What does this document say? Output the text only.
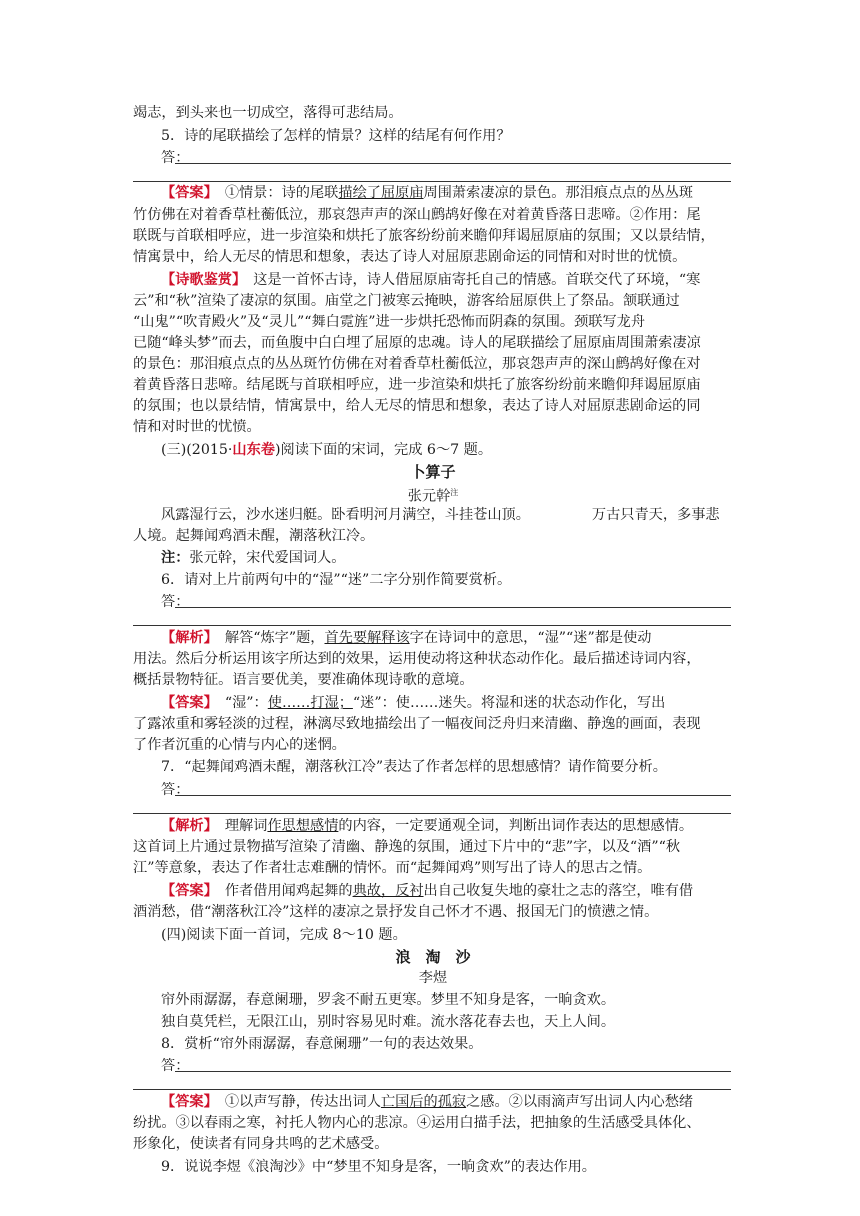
竭志，到头来也一切成空，落得可悲结局。
5．诗的尾联描绘了怎样的情景？这样的结尾有何作用？
答：
【答案】　 ①情景：诗的尾联描绘了屈原庙周围萧索凄凉的景色。那泪痕点点的丛丛斑
竹仿佛在对着香草杜蘅低泣，那哀怨声声的深山鹧鸪好像在对着黄昏落日悲啼。②作用：尾
联既与首联相呼应，进一步渲染和烘托了旅客纷纷前来瞻仰拜谒屈原庙的氛围；又以景结情，
情寓景中，给人无尽的情思和想象，表达了诗人对屈原悲剧命运的同情和对时世的忧愤。
【诗歌鉴赏】　 这是一首怀古诗，诗人借屈原庙寄托自己的情感。首联交代了环境，“寒
云”和“秋”渲染了凄凉的氛围。庙堂之门被寒云掩映，游客给屈原供上了祭品。颔联通过
“山鬼”“吹青殿火”及“灵儿”“舞白霓旌”进一步烘托恐怖而阴森的氛围。颈联写龙舟
已随“峰头梦”而去，而鱼腹中白白埋了屈原的忠魂。诗人的尾联描绘了屈原庙周围萧索凄凉
的景色：那泪痕点点的丛丛斑竹仿佛在对着香草杜蘅低泣，那哀怨声声的深山鹧鸪好像在对
着黄昏落日悲啼。结尾既与首联相呼应，进一步渲染和烘托了旅客纷纷前来瞻仰拜谒屈原庙
的氛围；也以景结情，情寓景中，给人无尽的情思和想象，表达了诗人对屈原悲剧命运的同
情和对时世的忧愤。
(三)(2015·山东卷)阅读下面的宋词，完成 6～7 题。
卜算子
张元幹$^注$
风露湿行云，沙水迷归艇。卧看明河月满空，斗挂苍山顶。	万古只青天，多事悲
人境。起舞闻鸡酒未醒，潮落秋江冷。
注：张元幹，宋代爱国词人。
6．请对上片前两句中的“湿”“迷”二字分别作简要赏析。
答：
【解析】　 解答“炼字”题，首先要解释该字在诗词中的意思，“湿”“迷”都是使动
用法。然后分析运用该字所达到的效果，运用使动将这种状态动作化。最后描述诗词内容，
概括景物特征。语言要优美，要准确体现诗歌的意境。
【答案】　 “湿”：使……打湿；“迷”：使……迷失。将湿和迷的状态动作化，写出
了露浓重和雾轻淡的过程，淋漓尽致地描绘出了一幅夜间泛舟归来清幽、静逸的画面，表现
了作者沉重的心情与内心的迷惘。
7．“起舞闻鸡酒未醒，潮落秋江冷”表达了作者怎样的思想感情？请作简要分析。
答：
【解析】　 理解词作思想感情的内容，一定要通观全词，判断出词作表达的思想感情。
这首词上片通过景物描写渲染了清幽、静逸的氛围，通过下片中的“悲”字，以及“酒”“秋
江”等意象，表达了作者壮志难酬的情怀。而“起舞闻鸡”则写出了诗人的思古之情。
【答案】　 作者借用闻鸡起舞的典故，反衬出自己收复失地的豪壮之志的落空，唯有借
酒消愁，借“潮落秋江冷”这样的凄凉之景抒发自己怀才不遇、报国无门的愤懑之情。
(四)阅读下面一首词，完成 8～10 题。
浪　淘　沙
李煜
帘外雨潺潺，春意阑珊，罗衾不耐五更寒。梦里不知身是客，一晌贪欢。
独自莫凭栏，无限江山，别时容易见时难。流水落花春去也，天上人间。
8．赏析“帘外雨潺潺，春意阑珊”一句的表达效果。
答：
【答案】　 ①以声写静，传达出词人亡国后的孤寂之感。②以雨滴声写出词人内心愁绪
纷扰。③以春雨之寒，衬托人物内心的悲凉。④运用白描手法，把抽象的生活感受具体化、
形象化，使读者有同身共鸣的艺术感受。
9．说说李煜《浪淘沙》中“梦里不知身是客，一晌贪欢”的表达作用。
